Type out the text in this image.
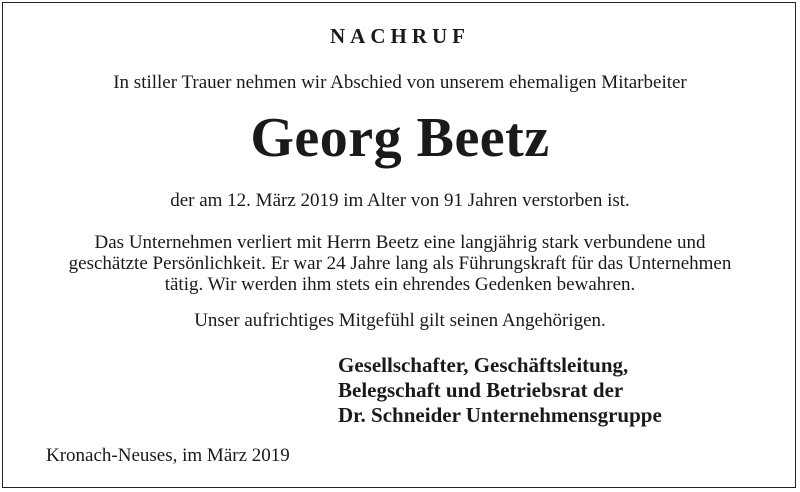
NACHRUF
In stiller Trauer nehmen wir Abschied von unserem ehemaligen Mitarbeiter
Georg Beetz
der am 12. März 2019 im Alter von 91 Jahren verstorben ist.
Das Unternehmen verliert mit Herrn Beetz eine langjährig stark verbundene und
geschätzte Persönlichkeit. Er war 24 Jahre lang als Führungskraft für das Unternehmen
tätig. Wir werden ihm stets ein ehrendes Gedenken bewahren.
Unser aufrichtiges Mitgefühl gilt seinen Angehörigen.
Gesellschafter, Geschäftsleitung,
Belegschaft und Betriebsrat der
Dr. Schneider Unternehmensgruppe
Kronach-Neuses, im März 2019
